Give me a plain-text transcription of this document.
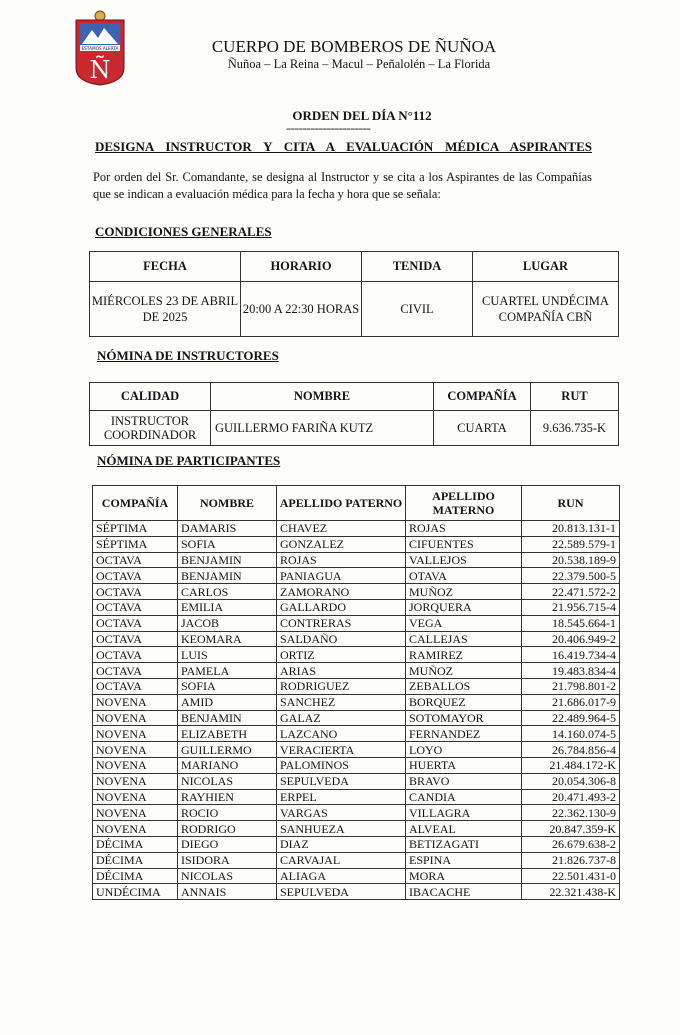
ESTAMOS ALERTA
Ñ
CUERPO DE BOMBEROS DE ÑUÑOA
Ñuñoa – La Reina – Macul – Peñalolén – La Florida
ORDEN DEL DÍA N°112
=====================
DESIGNA INSTRUCTOR Y CITA A EVALUACIÓN MÉDICA ASPIRANTES
Por orden del Sr. Comandante, se designa al Instructor y se cita a los Aspirantes de las Compañías que se indican a evaluación médica para la fecha y hora que se señala:
CONDICIONES GENERALES
FECHA	HORARIO	TENIDA	LUGAR
MIÉRCOLES 23 DE ABRIL DE 2025	20:00 A 22:30 HORAS	CIVIL	CUARTEL UNDÉCIMA COMPAÑÍA CBÑ
NÓMINA DE INSTRUCTORES
CALIDAD	NOMBRE	COMPAÑÍA	RUT
INSTRUCTOR COORDINADOR	GUILLERMO FARIÑA KUTZ	CUARTA	9.636.735-K
NÓMINA DE PARTICIPANTES
COMPAÑÍA	NOMBRE	APELLIDO PATERNO	APELLIDO MATERNO	RUN
SÉPTIMA	DAMARIS	CHAVEZ	ROJAS	20.813.131-1
SÉPTIMA	SOFIA	GONZALEZ	CIFUENTES	22.589.579-1
OCTAVA	BENJAMIN	ROJAS	VALLEJOS	20.538.189-9
OCTAVA	BENJAMIN	PANIAGUA	OTAVA	22.379.500-5
OCTAVA	CARLOS	ZAMORANO	MUÑOZ	22.471.572-2
OCTAVA	EMILIA	GALLARDO	JORQUERA	21.956.715-4
OCTAVA	JACOB	CONTRERAS	VEGA	18.545.664-1
OCTAVA	KEOMARA	SALDAÑO	CALLEJAS	20.406.949-2
OCTAVA	LUIS	ORTIZ	RAMIREZ	16.419.734-4
OCTAVA	PAMELA	ARIAS	MUÑOZ	19.483.834-4
OCTAVA	SOFIA	RODRIGUEZ	ZEBALLOS	21.798.801-2
NOVENA	AMID	SANCHEZ	BORQUEZ	21.686.017-9
NOVENA	BENJAMIN	GALAZ	SOTOMAYOR	22.489.964-5
NOVENA	ELIZABETH	LAZCANO	FERNANDEZ	14.160.074-5
NOVENA	GUILLERMO	VERACIERTA	LOYO	26.784.856-4
NOVENA	MARIANO	PALOMINOS	HUERTA	21.484.172-K
NOVENA	NICOLAS	SEPULVEDA	BRAVO	20.054.306-8
NOVENA	RAYHIEN	ERPEL	CANDIA	20.471.493-2
NOVENA	ROCIO	VARGAS	VILLAGRA	22.362.130-9
NOVENA	RODRIGO	SANHUEZA	ALVEAL	20.847.359-K
DÉCIMA	DIEGO	DIAZ	BETIZAGATI	26.679.638-2
DÉCIMA	ISIDORA	CARVAJAL	ESPINA	21.826.737-8
DÉCIMA	NICOLAS	ALIAGA	MORA	22.501.431-0
UNDÉCIMA	ANNAIS	SEPULVEDA	IBACACHE	22.321.438-K
